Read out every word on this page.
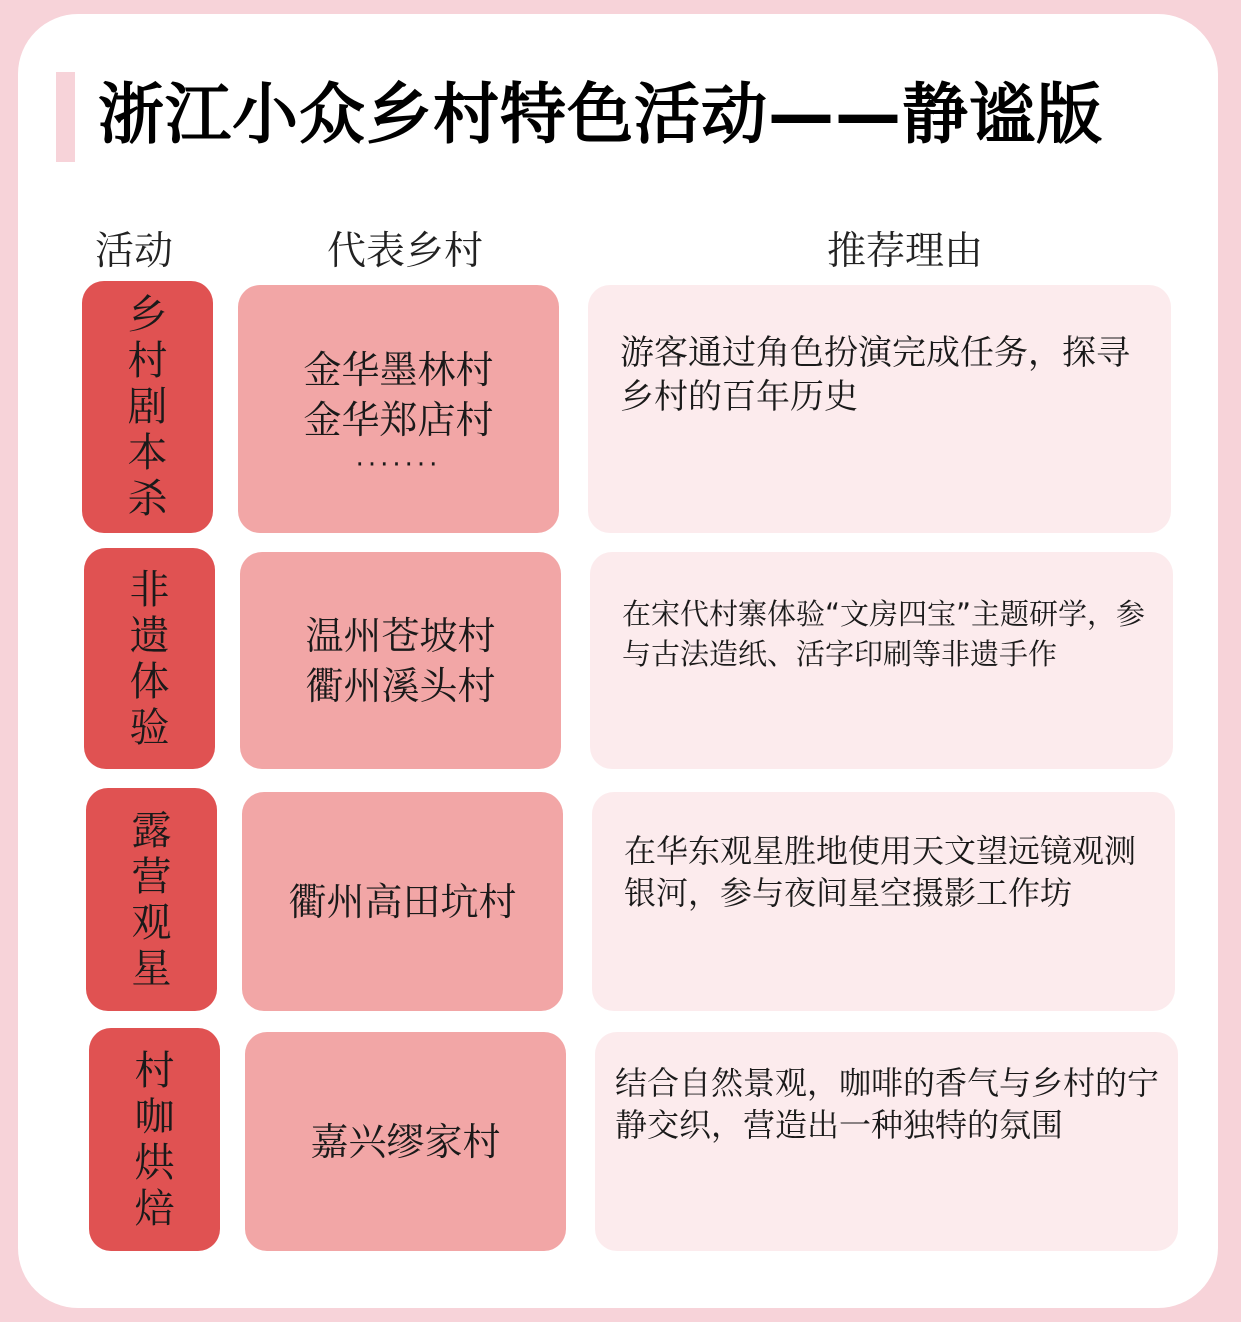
浙江小众乡村特色活动——静谧版
活动	代表乡村	推荐理由
乡村剧本杀
金华墨林村
金华郑店村
·······
游客通过角色扮演完成任务，探寻乡村的百年历史
非遗体验
温州苍坡村
衢州溪头村
在宋代村寨体验“文房四宝”主题研学，参与古法造纸、活字印刷等非遗手作
露营观星
衢州高田坑村
在华东观星胜地使用天文望远镜观测银河，参与夜间星空摄影工作坊
村咖烘焙
嘉兴缪家村
结合自然景观，咖啡的香气与乡村的宁静交织，营造出一种独特的氛围
